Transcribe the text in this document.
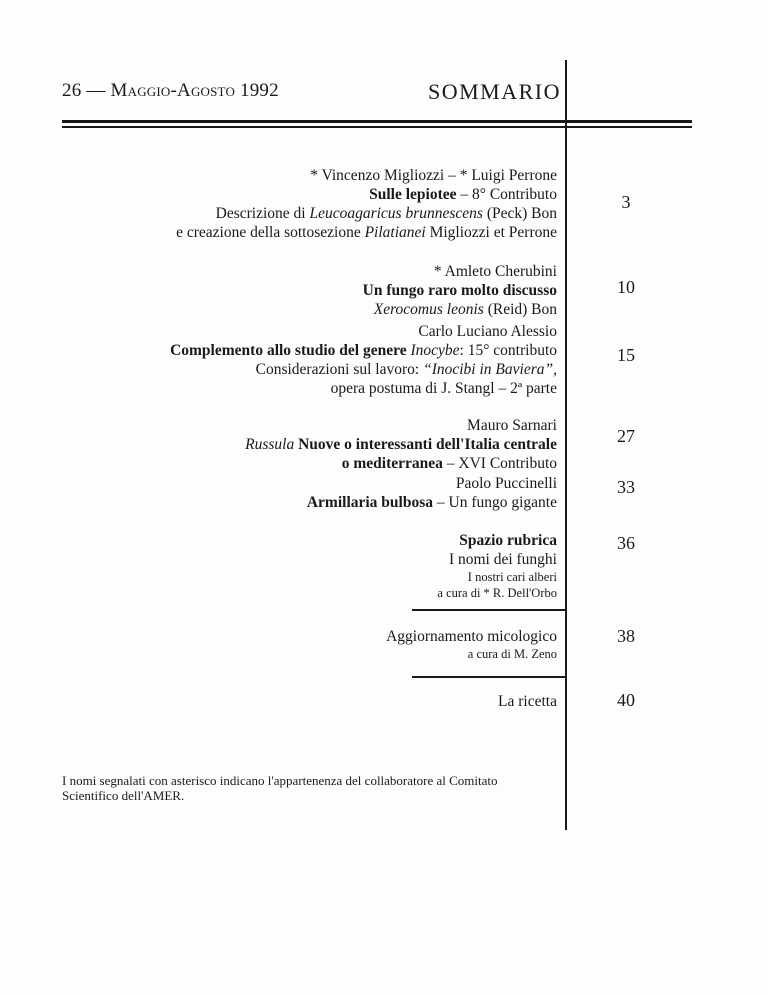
26 — Maggio-Agosto 1992	SOMMARIO
* Vincenzo Migliozzi – * Luigi Perrone
Sulle lepiotee – 8° Contributo
Descrizione di Leucoagaricus brunnescens (Peck) Bon
e creazione della sottosezione Pilatianei Migliozzi et Perrone
3
* Amleto Cherubini
Un fungo raro molto discusso
Xerocomus leonis (Reid) Bon
10
Carlo Luciano Alessio
Complemento allo studio del genere Inocybe: 15° contributo
Considerazioni sul lavoro: “Inocibi in Baviera”,
opera postuma di J. Stangl – 2ª parte
15
Mauro Sarnari
Russula Nuove o interessanti dell'Italia centrale
o mediterranea – XVI Contributo
27
Paolo Puccinelli
Armillaria bulbosa – Un fungo gigante
33
Spazio rubrica
I nomi dei funghi
I nostri cari alberi
a cura di * R. Dell'Orbo
36
Aggiornamento micologico
a cura di M. Zeno
38
La ricetta	40
I nomi segnalati con asterisco indicano l'appartenenza del collaboratore al Comitato Scientifico dell'AMER.
